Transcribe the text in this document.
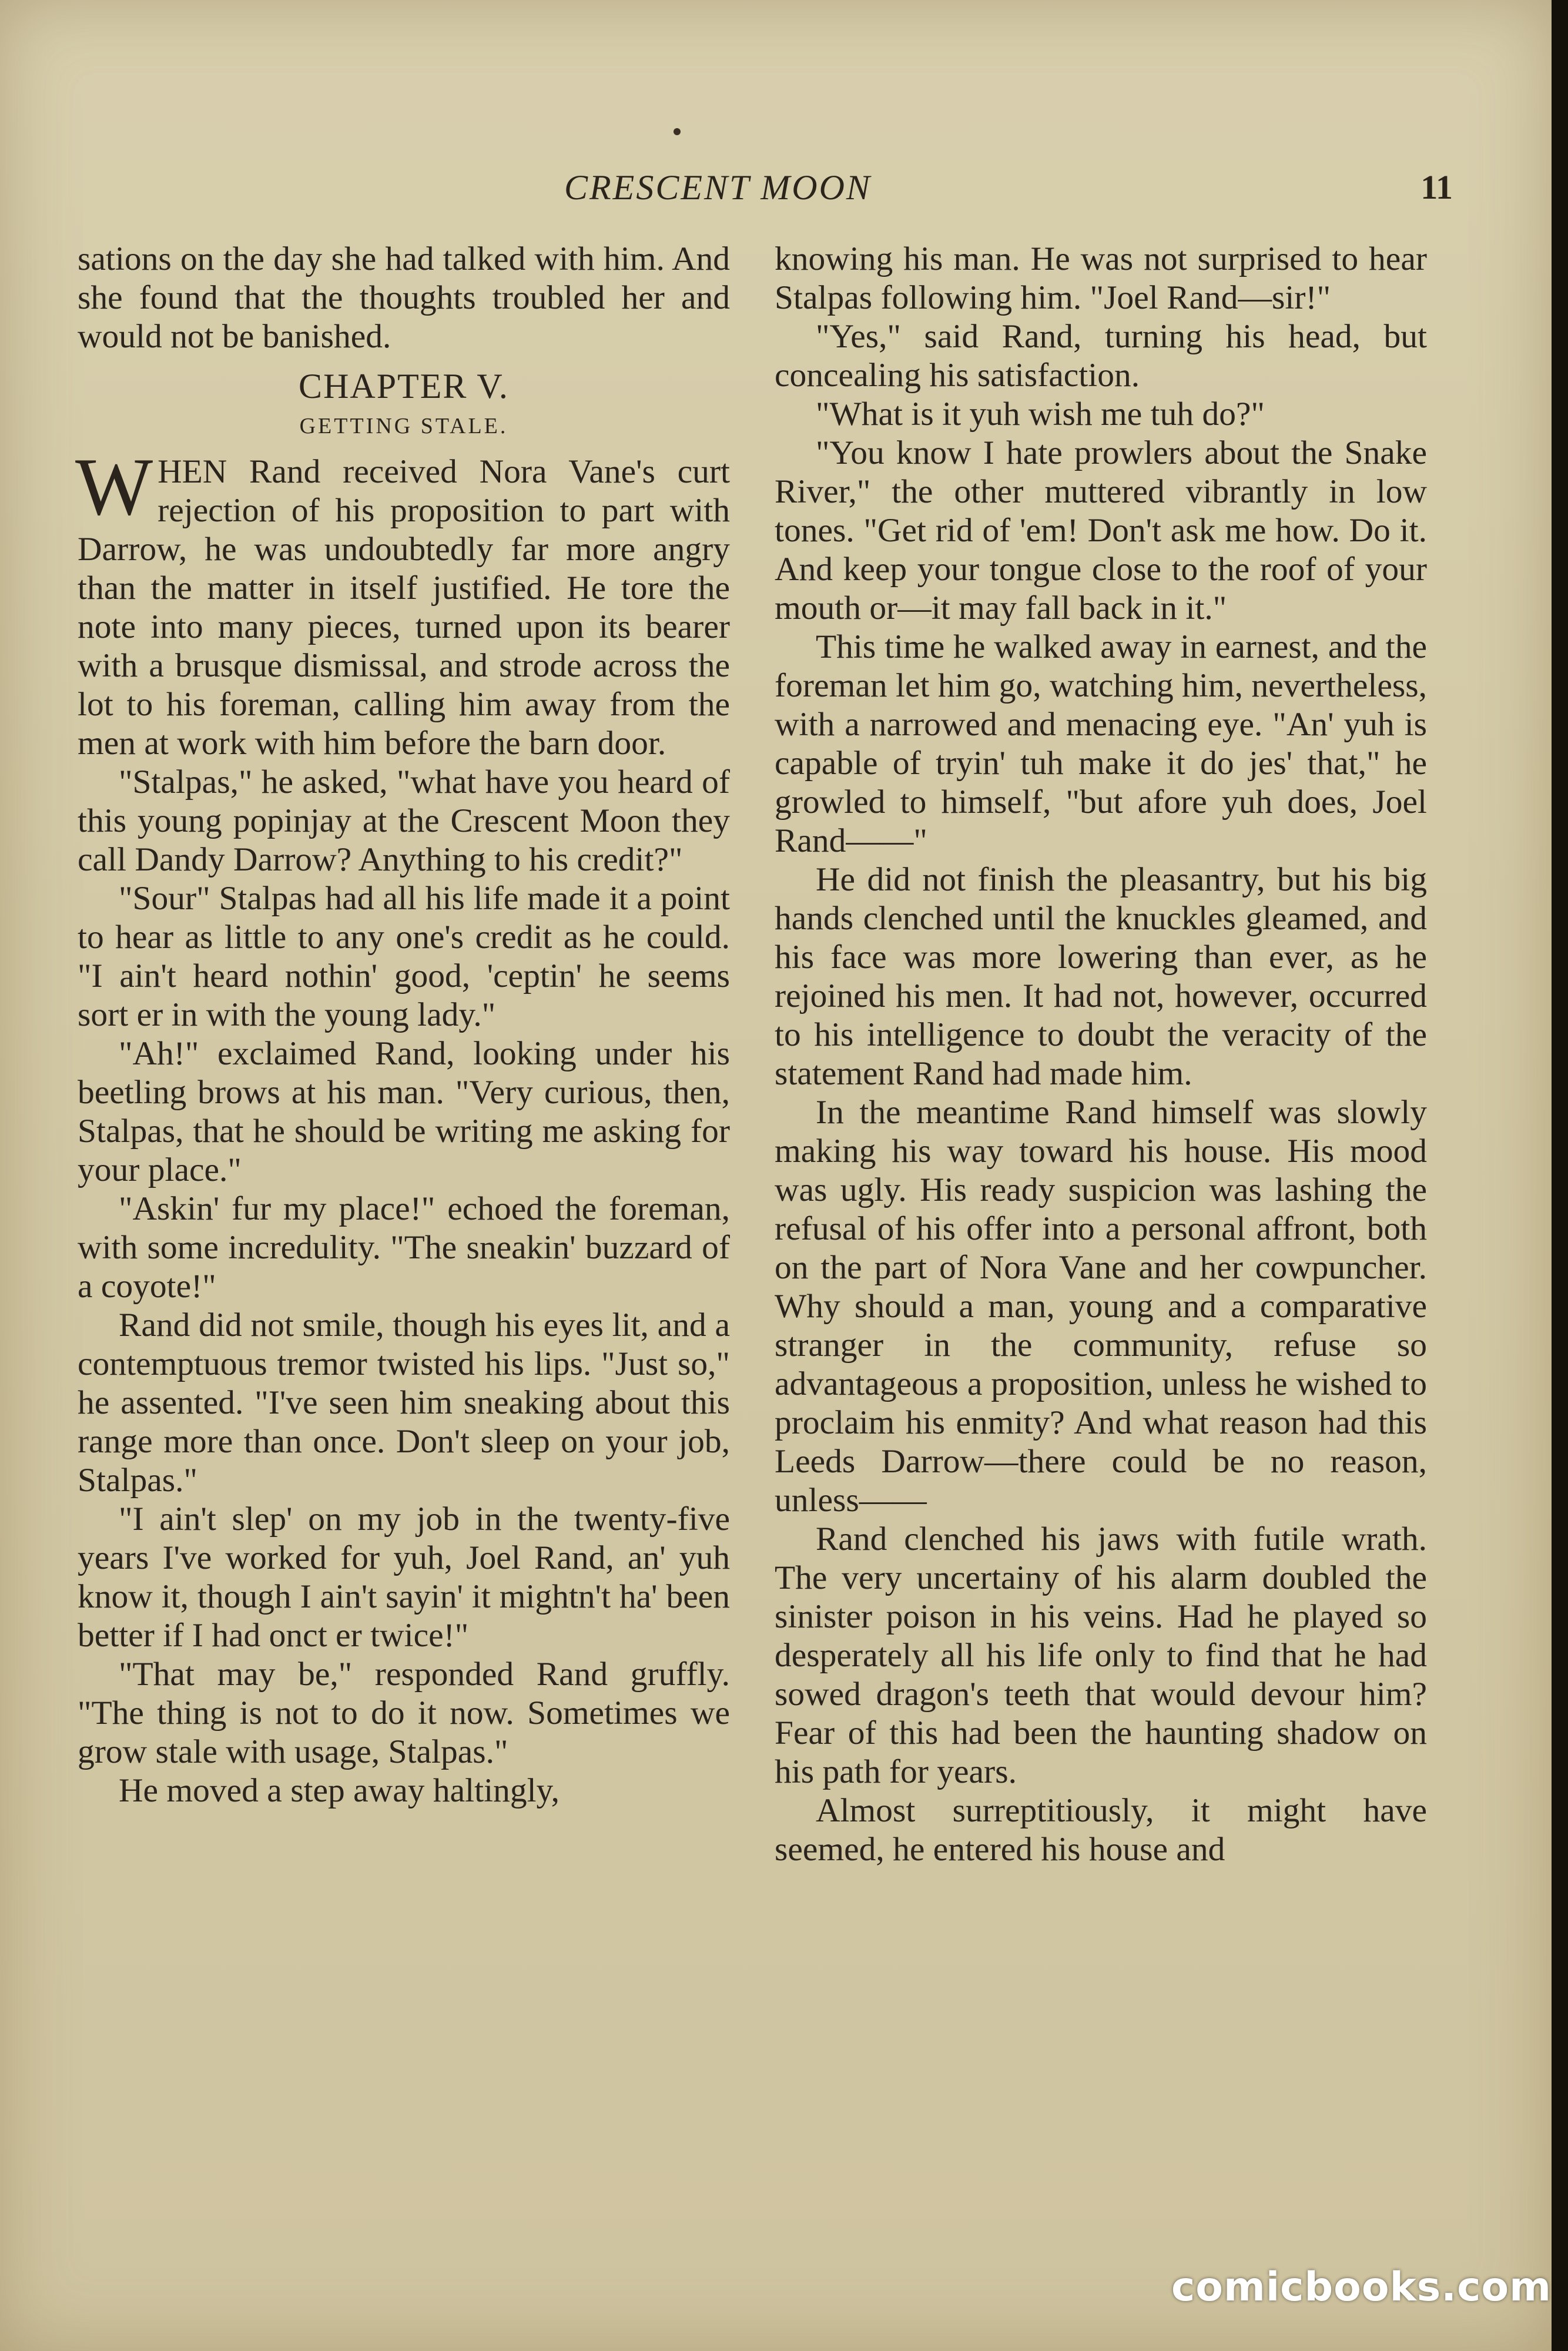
CRESCENT MOON	11

sations on the day she had talked with him. And she found that the thoughts troubled her and would not be banished.

CHAPTER V.
GETTING STALE.

WHEN Rand received Nora Vane's curt rejection of his proposition to part with Darrow, he was undoubtedly far more angry than the matter in itself justified. He tore the note into many pieces, turned upon its bearer with a brusque dismissal, and strode across the lot to his foreman, calling him away from the men at work with him before the barn door.

"Stalpas," he asked, "what have you heard of this young popinjay at the Crescent Moon they call Dandy Darrow? Anything to his credit?"

"Sour" Stalpas had all his life made it a point to hear as little to any one's credit as he could. "I ain't heard nothin' good, 'ceptin' he seems sort er in with the young lady."

"Ah!" exclaimed Rand, looking under his beetling brows at his man. "Very curious, then, Stalpas, that he should be writing me asking for your place."

"Askin' fur my place!" echoed the foreman, with some incredulity. "The sneakin' buzzard of a coyote!"

Rand did not smile, though his eyes lit, and a contemptuous tremor twisted his lips. "Just so," he assented. "I've seen him sneaking about this range more than once. Don't sleep on your job, Stalpas."

"I ain't slep' on my job in the twenty-five years I've worked for yuh, Joel Rand, an' yuh know it, though I ain't sayin' it mightn't ha' been better if I had onct er twice!"

"That may be," responded Rand gruffly. "The thing is not to do it now. Sometimes we grow stale with usage, Stalpas."

He moved a step away haltingly,

knowing his man. He was not surprised to hear Stalpas following him. "Joel Rand—sir!"

"Yes," said Rand, turning his head, but concealing his satisfaction.

"What is it yuh wish me tuh do?"

"You know I hate prowlers about the Snake River," the other muttered vibrantly in low tones. "Get rid of 'em! Don't ask me how. Do it. And keep your tongue close to the roof of your mouth or—it may fall back in it."

This time he walked away in earnest, and the foreman let him go, watching him, nevertheless, with a narrowed and menacing eye. "An' yuh is capable of tryin' tuh make it do jes' that," he growled to himself, "but afore yuh does, Joel Rand——"

He did not finish the pleasantry, but his big hands clenched until the knuckles gleamed, and his face was more lowering than ever, as he rejoined his men. It had not, however, occurred to his intelligence to doubt the veracity of the statement Rand had made him.

In the meantime Rand himself was slowly making his way toward his house. His mood was ugly. His ready suspicion was lashing the refusal of his offer into a personal affront, both on the part of Nora Vane and her cowpuncher. Why should a man, young and a comparative stranger in the community, refuse so advantageous a proposition, unless he wished to proclaim his enmity? And what reason had this Leeds Darrow—there could be no reason, unless——

Rand clenched his jaws with futile wrath. The very uncertainy of his alarm doubled the sinister poison in his veins. Had he played so desperately all his life only to find that he had sowed dragon's teeth that would devour him? Fear of this had been the haunting shadow on his path for years.

Almost surreptitiously, it might have seemed, he entered his house and

comicbooks.com
